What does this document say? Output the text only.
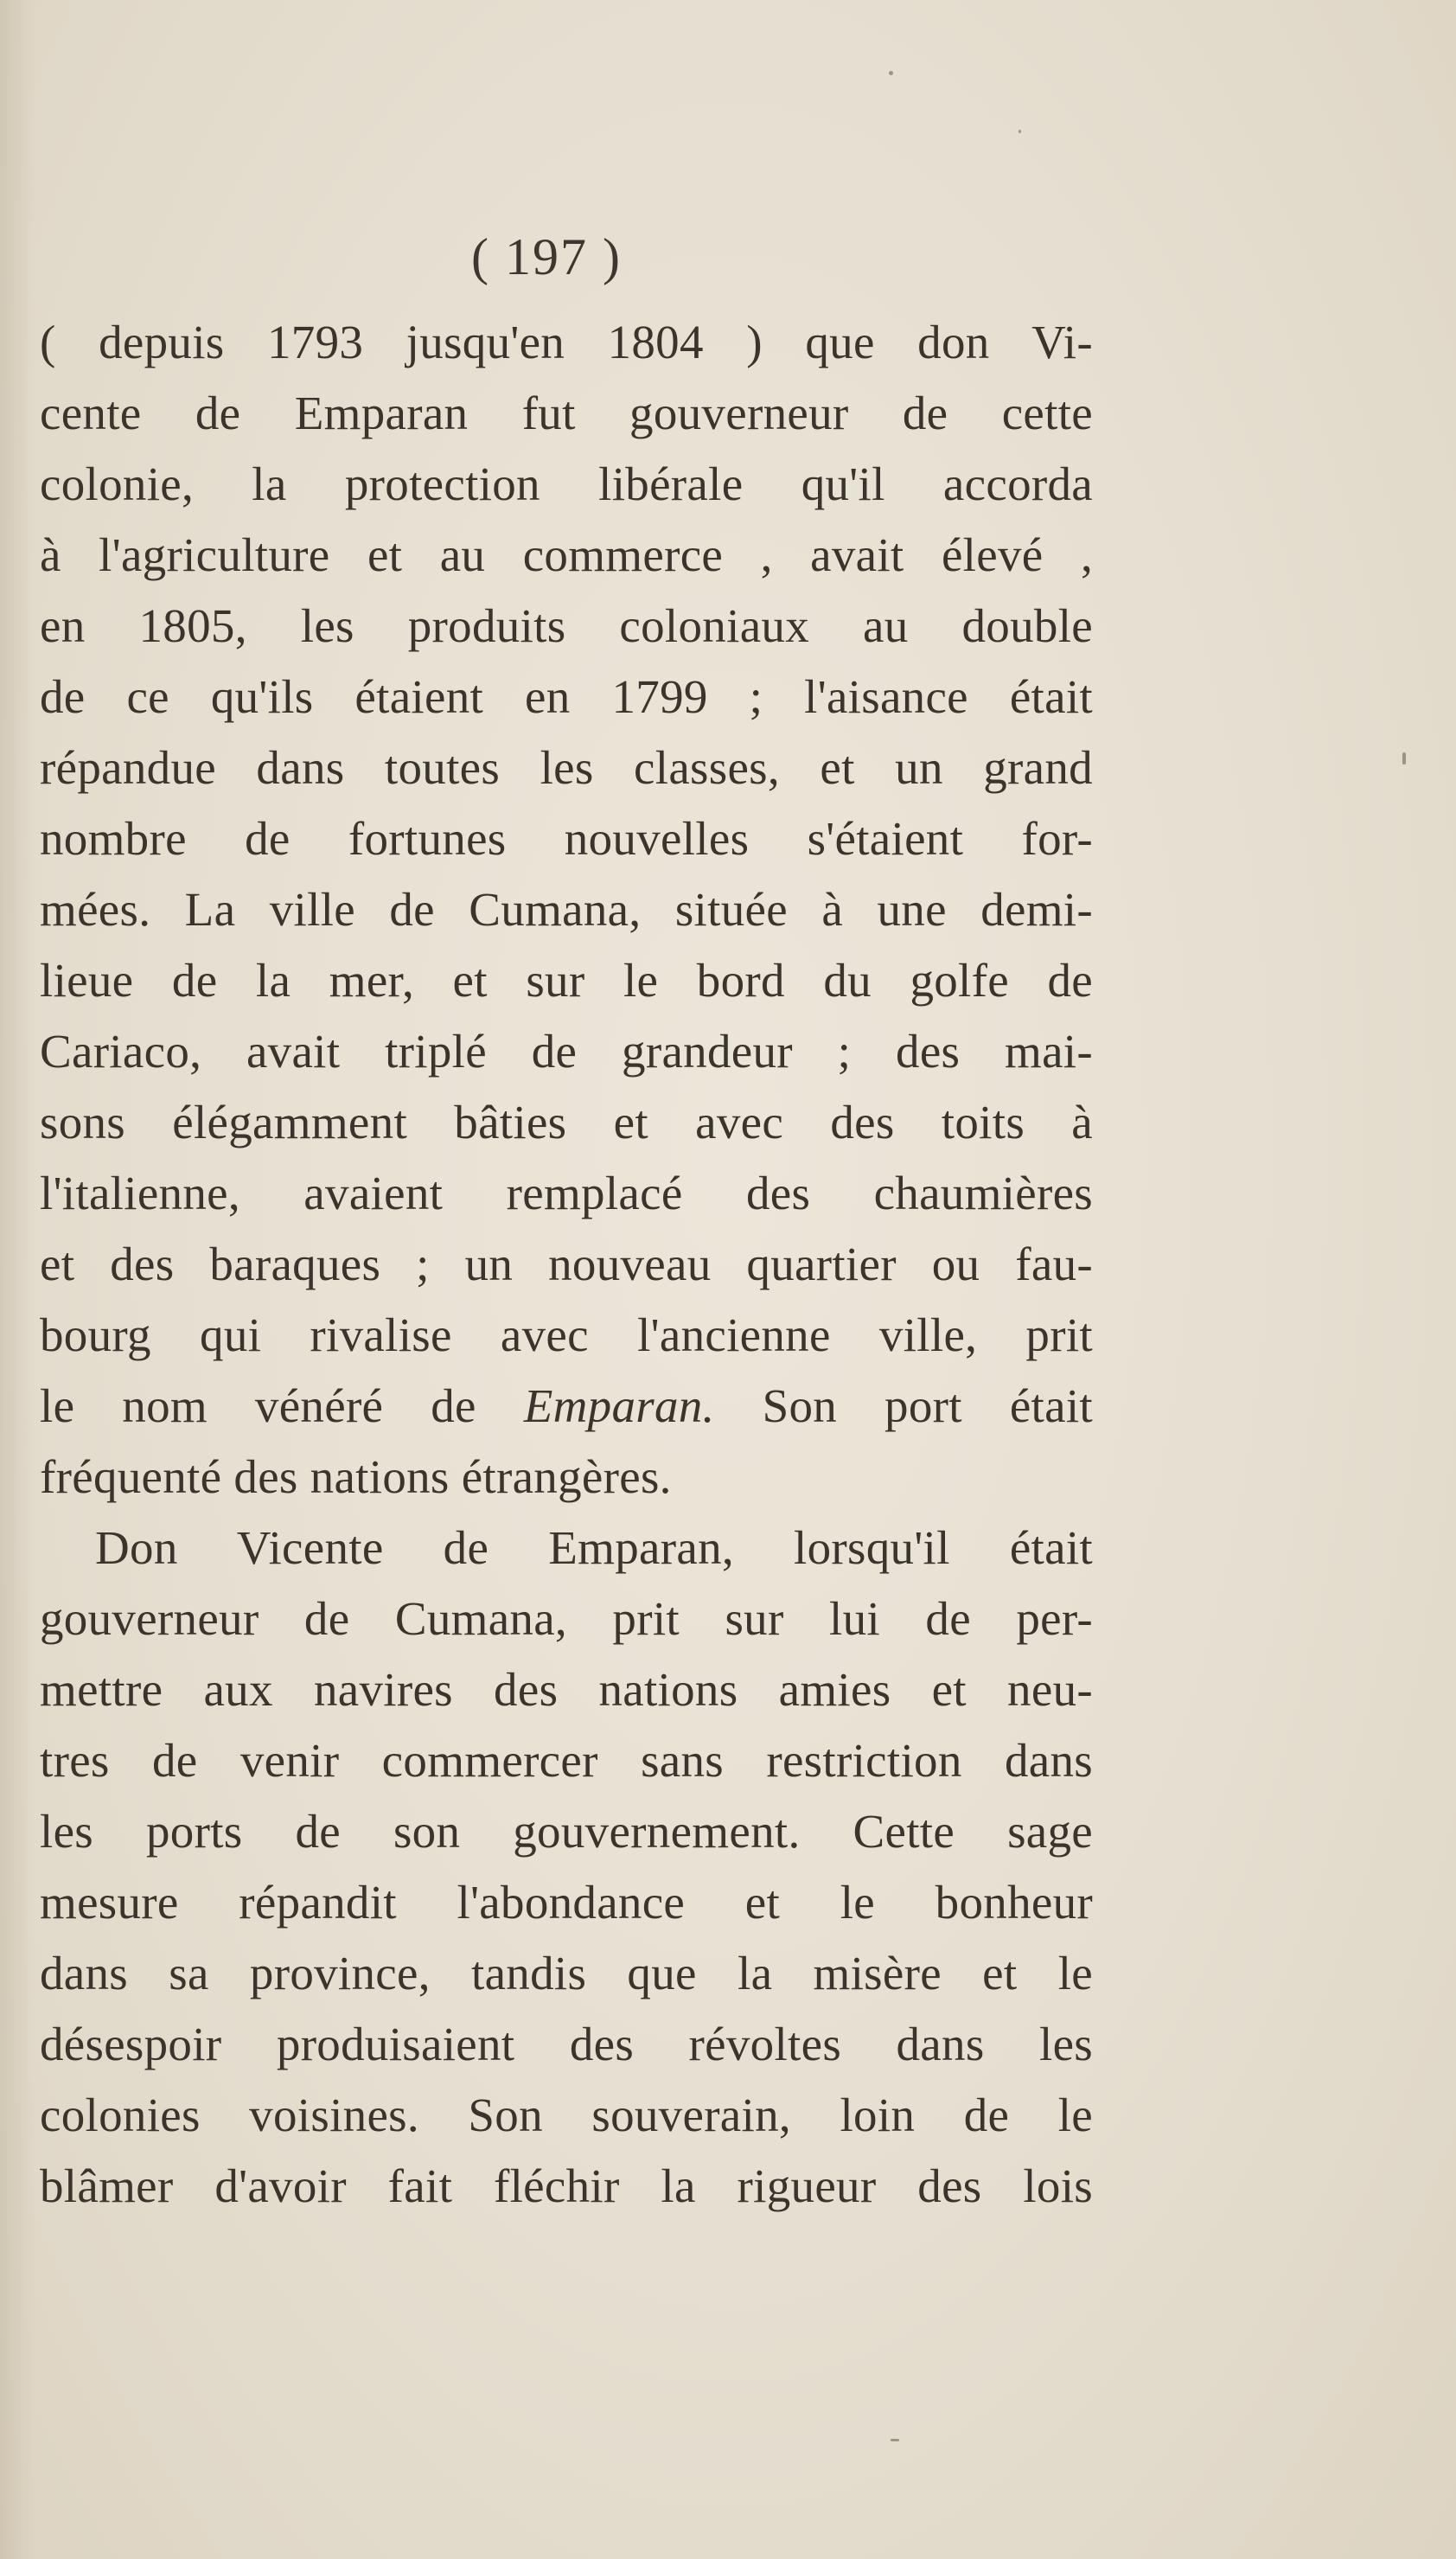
( 197 )
( depuis 1793 jusqu'en 1804 ) que don Vi-
cente de Emparan fut gouverneur de cette
colonie, la protection libérale qu'il accorda
à l'agriculture et au commerce , avait élevé ,
en 1805, les produits coloniaux au double
de ce qu'ils étaient en 1799 ; l'aisance était
répandue dans toutes les classes, et un grand
nombre de fortunes nouvelles s'étaient for-
mées. La ville de Cumana, située à une demi-
lieue de la mer, et sur le bord du golfe de
Cariaco, avait triplé de grandeur ; des mai-
sons élégamment bâties et avec des toits à
l'italienne, avaient remplacé des chaumières
et des baraques ; un nouveau quartier ou fau-
bourg qui rivalise avec l'ancienne ville, prit
le nom vénéré de Emparan. Son port était
fréquenté des nations étrangères.
Don Vicente de Emparan, lorsqu'il était
gouverneur de Cumana, prit sur lui de per-
mettre aux navires des nations amies et neu-
tres de venir commercer sans restriction dans
les ports de son gouvernement. Cette sage
mesure répandit l'abondance et le bonheur
dans sa province, tandis que la misère et le
désespoir produisaient des révoltes dans les
colonies voisines. Son souverain, loin de le
blâmer d'avoir fait fléchir la rigueur des lois
